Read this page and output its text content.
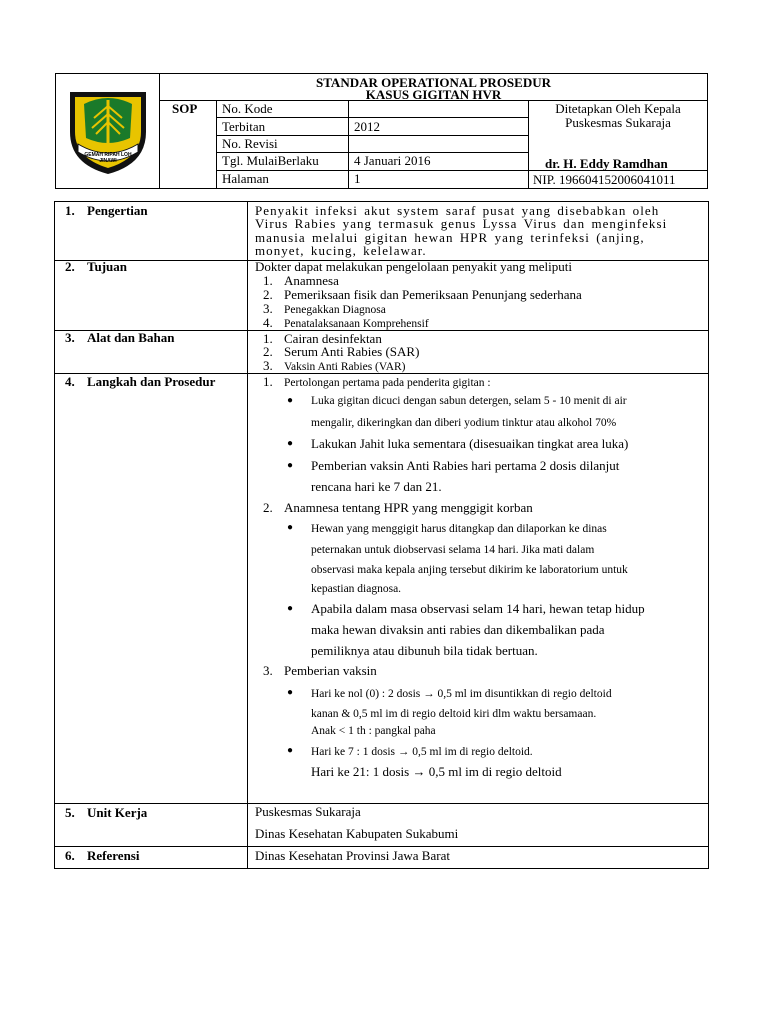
GEMAH RIPAH LOH JINAWI
STANDAR OPERATIONAL PROSEDUR
KASUS GIGITAN HVR
SOP No. Kode
Terbitan	2012
No. Revisi
Tgl. MulaiBerlaku	4 Januari 2016
Halaman	1
Ditetapkan Oleh Kepala
Puskesmas Sukaraja
dr. H. Eddy Ramdhan
NIP. 196604152006041011
1. Pengertian	Penyakit infeksi akut system saraf pusat yang disebabkan oleh
Virus Rabies yang termasuk genus Lyssa Virus dan menginfeksi
manusia melalui gigitan hewan HPR yang terinfeksi (anjing,
monyet, kucing, kelelawar.
2. Tujuan	Dokter dapat melakukan pengelolaan penyakit yang meliputi
1. Anamnesa
2. Pemeriksaan fisik dan Pemeriksaan Penunjang sederhana
3. Penegakkan Diagnosa
4. Penatalaksanaan Komprehensif
3. Alat dan Bahan	1. Cairan desinfektan
2. Serum Anti Rabies (SAR)
3. Vaksin Anti Rabies (VAR)
4. Langkah dan Prosedur	1. Pertolongan pertama pada penderita gigitan :
● Luka gigitan dicuci dengan sabun detergen, selam 5 - 10 menit di air
mengalir, dikeringkan dan diberi yodium tinktur atau alkohol 70%
● Lakukan Jahit luka sementara (disesuaikan tingkat area luka)
● Pemberian vaksin Anti Rabies hari pertama 2 dosis dilanjut
rencana hari ke 7 dan 21.
2. Anamnesa tentang HPR yang menggigit korban
● Hewan yang menggigit harus ditangkap dan dilaporkan ke dinas
peternakan untuk diobservasi selama 14 hari. Jika mati dalam
observasi maka kepala anjing tersebut dikirim ke laboratorium untuk
kepastian diagnosa.
● Apabila dalam masa observasi selam 14 hari, hewan tetap hidup
maka hewan divaksin anti rabies dan dikembalikan pada
pemiliknya atau dibunuh bila tidak bertuan.
3. Pemberian vaksin
● Hari ke nol (0) : 2 dosis → 0,5 ml im disuntikkan di regio deltoid
kanan & 0,5 ml im di regio deltoid kiri dlm waktu bersamaan.
Anak < 1 th : pangkal paha
● Hari ke 7 : 1 dosis → 0,5 ml im di regio deltoid.
Hari ke 21: 1 dosis → 0,5 ml im di regio deltoid
5. Unit Kerja	Puskesmas Sukaraja
Dinas Kesehatan Kabupaten Sukabumi
6. Referensi	Dinas Kesehatan Provinsi Jawa Barat
